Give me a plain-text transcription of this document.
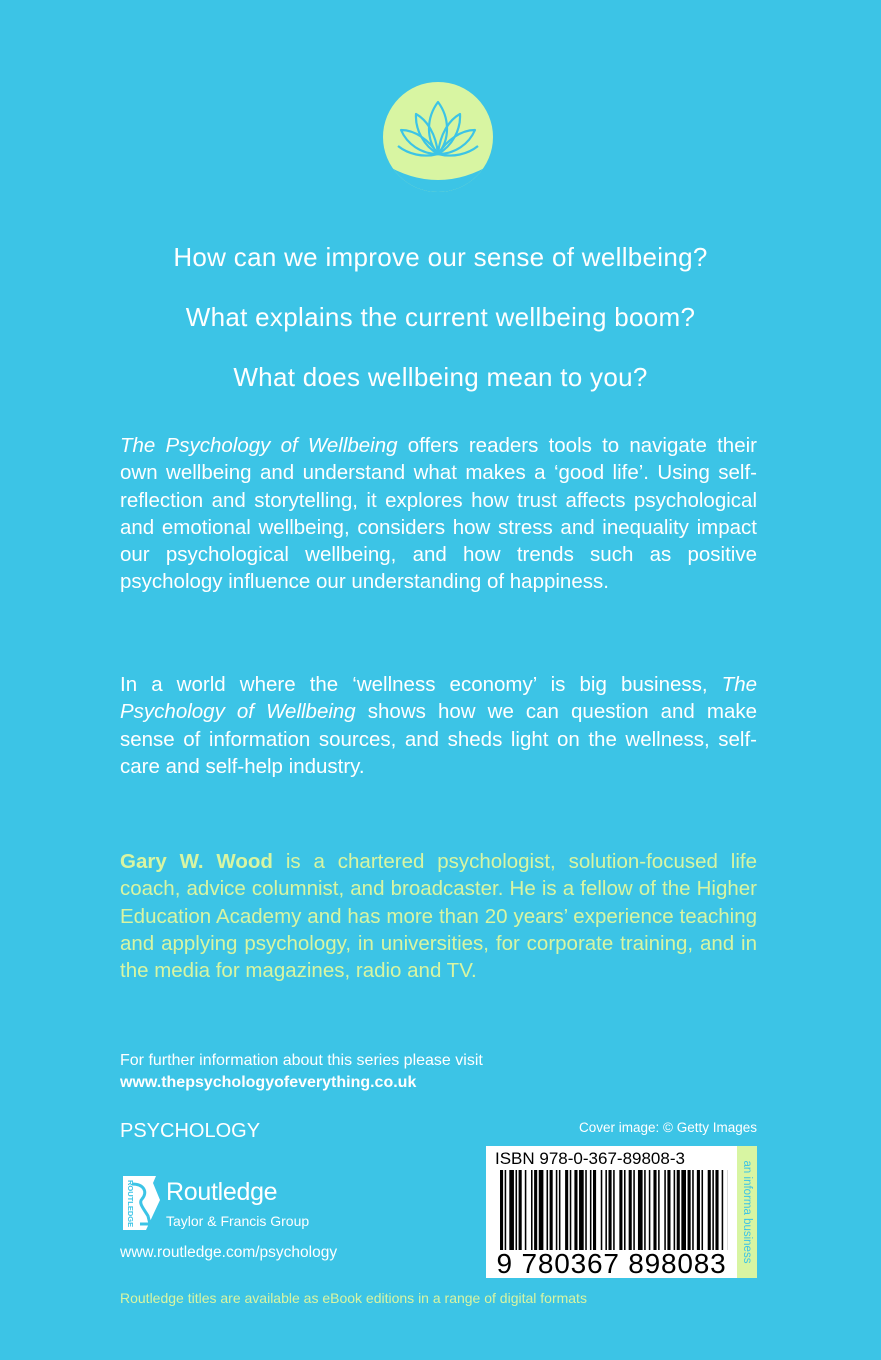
How can we improve our sense of wellbeing?

What explains the current wellbeing boom?

What does wellbeing mean to you?

The Psychology of Wellbeing offers readers tools to navigate their own wellbeing and understand what makes a ‘good life’. Using self-reflection and storytelling, it explores how trust affects psychological and emotional wellbeing, considers how stress and inequality impact our psychological wellbeing, and how trends such as positive psychology influence our understanding of happiness.

In a world where the ‘wellness economy’ is big business, The Psychology of Wellbeing shows how we can question and make sense of information sources, and sheds light on the wellness, self-care and self-help industry.

Gary W. Wood is a chartered psychologist, solution-focused life coach, advice columnist, and broadcaster. He is a fellow of the Higher Education Academy and has more than 20 years’ experience teaching and applying psychology, in universities, for corporate training, and in the media for magazines, radio and TV.

For further information about this series please visit
www.thepsychologyofeverything.co.uk
PSYCHOLOGY	Cover image: © Getty Images
ROUTLEDGE Routledge
Taylor & Francis Group
www.routledge.com/psychology
ISBN 978-0-367-89808-3
9 780367 898083
an informa business
Routledge titles are available as eBook editions in a range of digital formats
